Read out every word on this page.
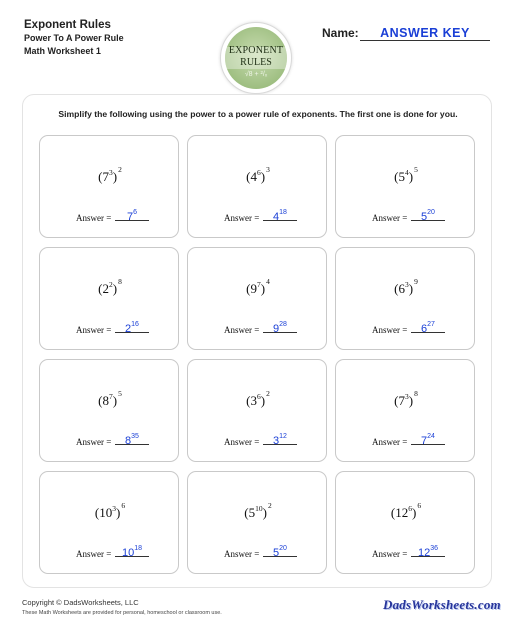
Exponent Rules
Power To A Power Rule
Math Worksheet 1	EXPONENT
RULES
√8 + ²/ₓ
Name:	ANSWER KEY
Simplify the following using the power to a power rule of exponents. The first one is done for you.
(73)2
Answer =	$7^6$
(46)3
Answer =	$4^{18}$
(54)5
Answer =	$5^{20}$
(22)8
Answer =	$2^{16}$
(97)4
Answer =	$9^{28}$
(63)9
Answer =	$6^{27}$
(87)5
Answer =	$8^{35}$
(36)2
Answer =	$3^{12}$
(73)8
Answer =	$7^{24}$
(103)6
Answer = $10^{18}$
(510)2
Answer =	$5^{20}$
(126)6
Answer = $12^{36}$
Copyright © DadsWorksheets, LLC
These Math Worksheets are provided for personal, homeschool or classroom use.
DadsWorksheets.com
